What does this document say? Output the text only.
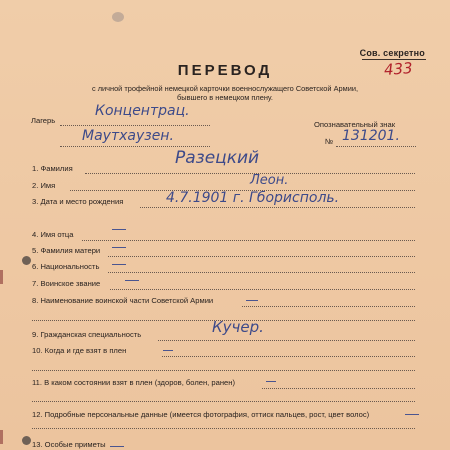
Сов. секретно
433
ПЕРЕВОД
с личной трофейной немецкой карточки военнослужащего Советской Армии,
бывшего в немецком плену.
Лагерь
Концентрац.
Маутхаузен.
Опознавательный знак
№ 131201.
1. Фамилия
Разецкий
2. Имя	Леон.
3. Дата и место рождения	4.7.1901 г. Гборисполь.
4. Имя отца
5. Фамилия матери
6. Национальность
7. Воинское звание
8. Наименование воинской части Советской Армии
9. Гражданская специальность	Кучер.
10. Когда и где взят в плен
11. В каком состоянии взят в плен (здоров, болен, ранен)
12. Подробные персональные данные (имеется фотография, оттиск пальцев, рост, цвет волос)
13. Особые приметы
